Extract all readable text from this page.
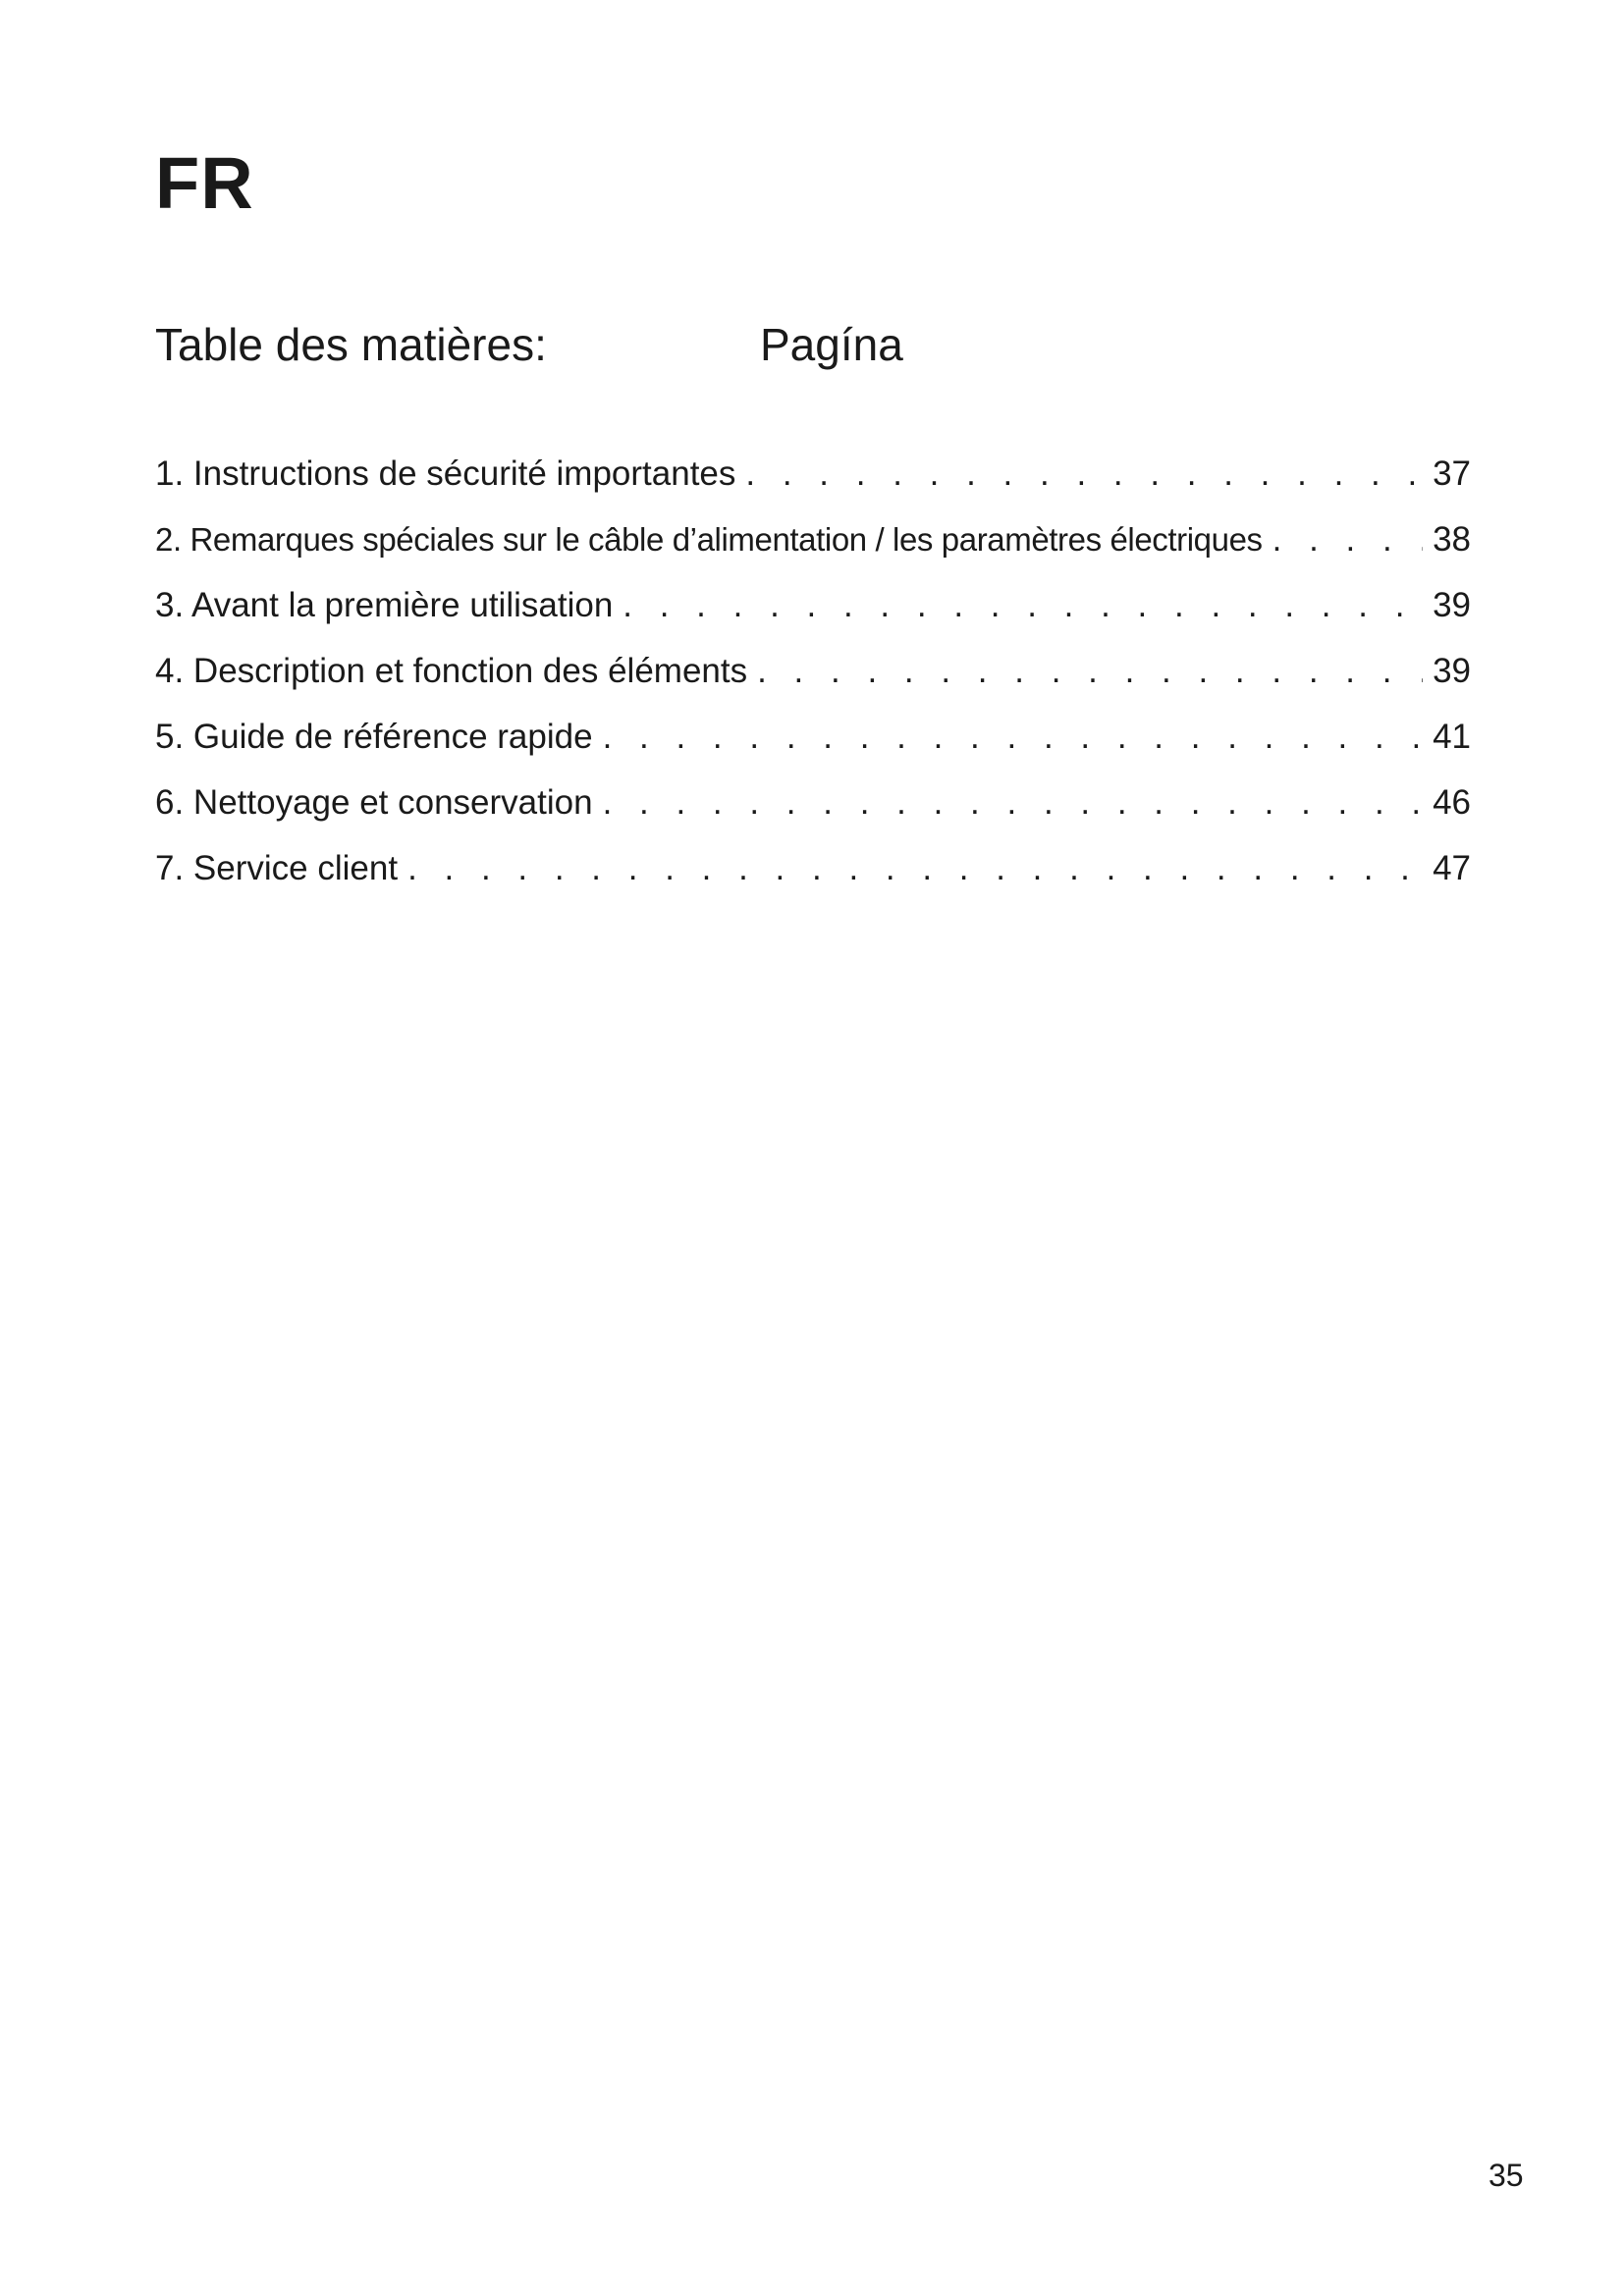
FR
Table des matières:	Pagína
1. Instructions de sécurité importantes . . .	37
2. Remarques spéciales sur le câble d’alimentation / les paramètres électriques . . .	38
3. Avant la première utilisation . . .	39
4. Description et fonction des éléments . . .	39
5. Guide de référence rapide . . .	41
6. Nettoyage et conservation . . .	46
7. Service client . . .	47
35
